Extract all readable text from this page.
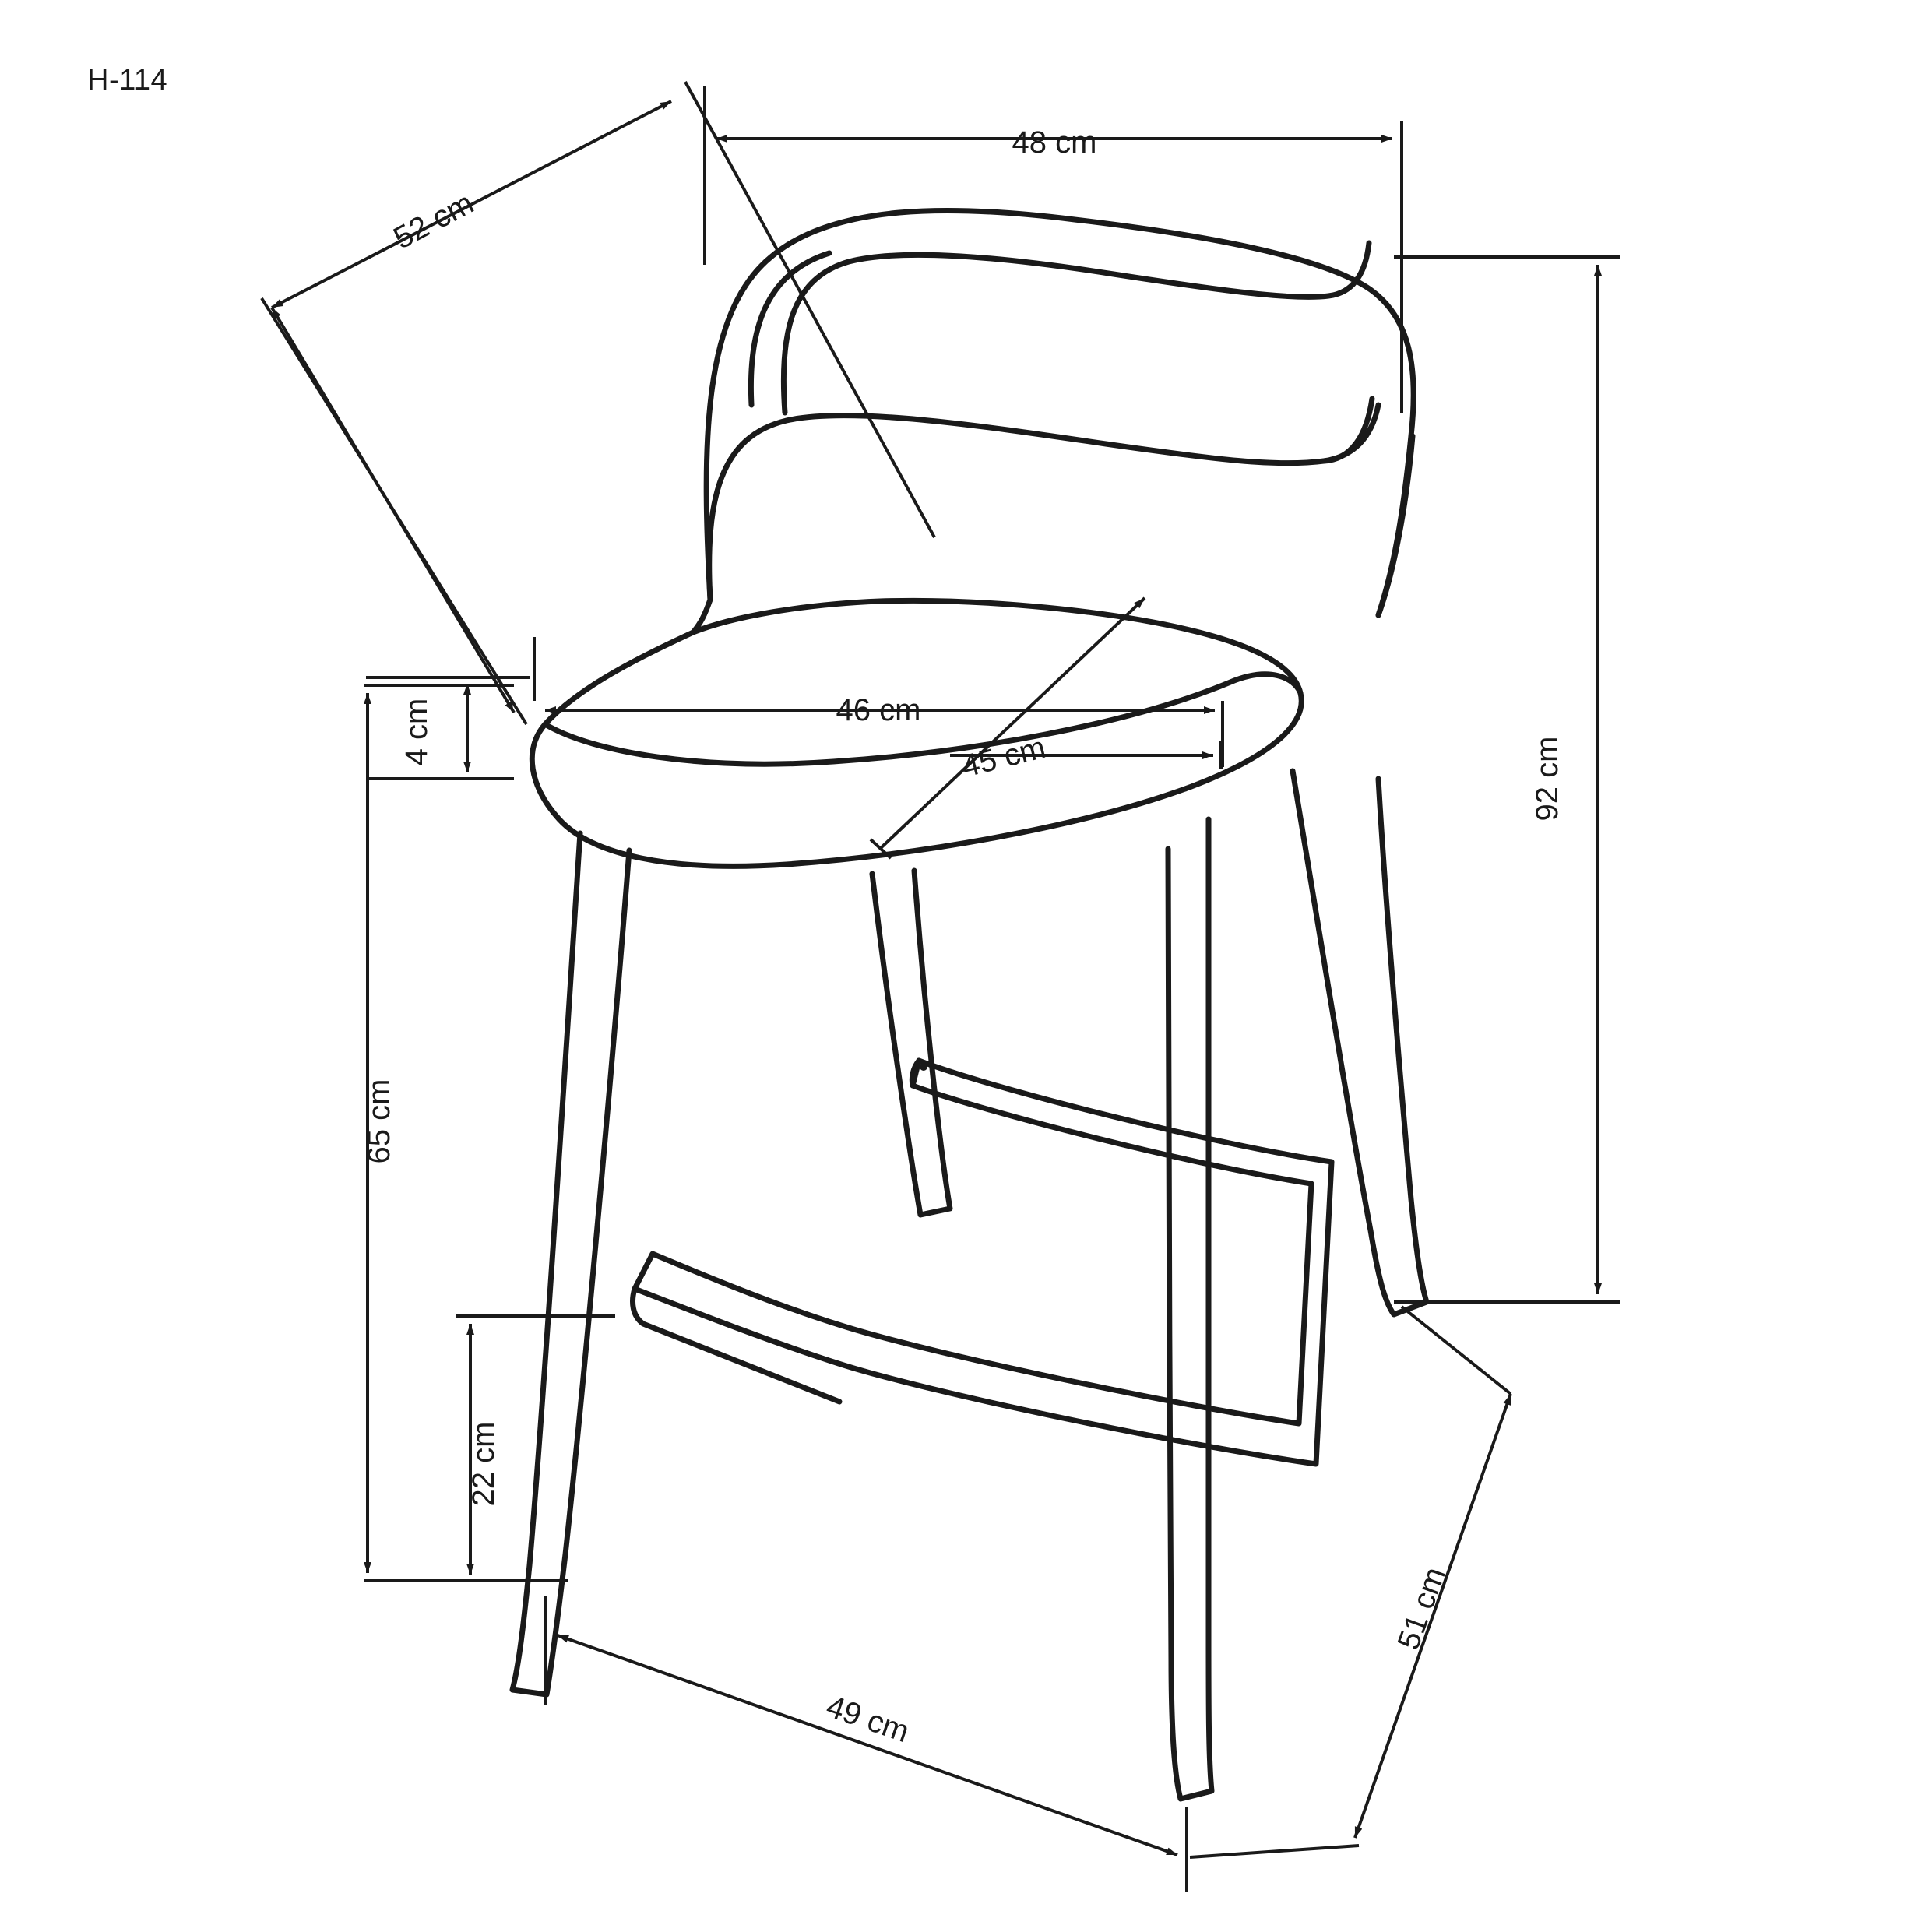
H-114
52 cm
48 cm
46 cm
45 cm
4 cm
92 cm
65 cm
22 cm
49 cm
51 cm
